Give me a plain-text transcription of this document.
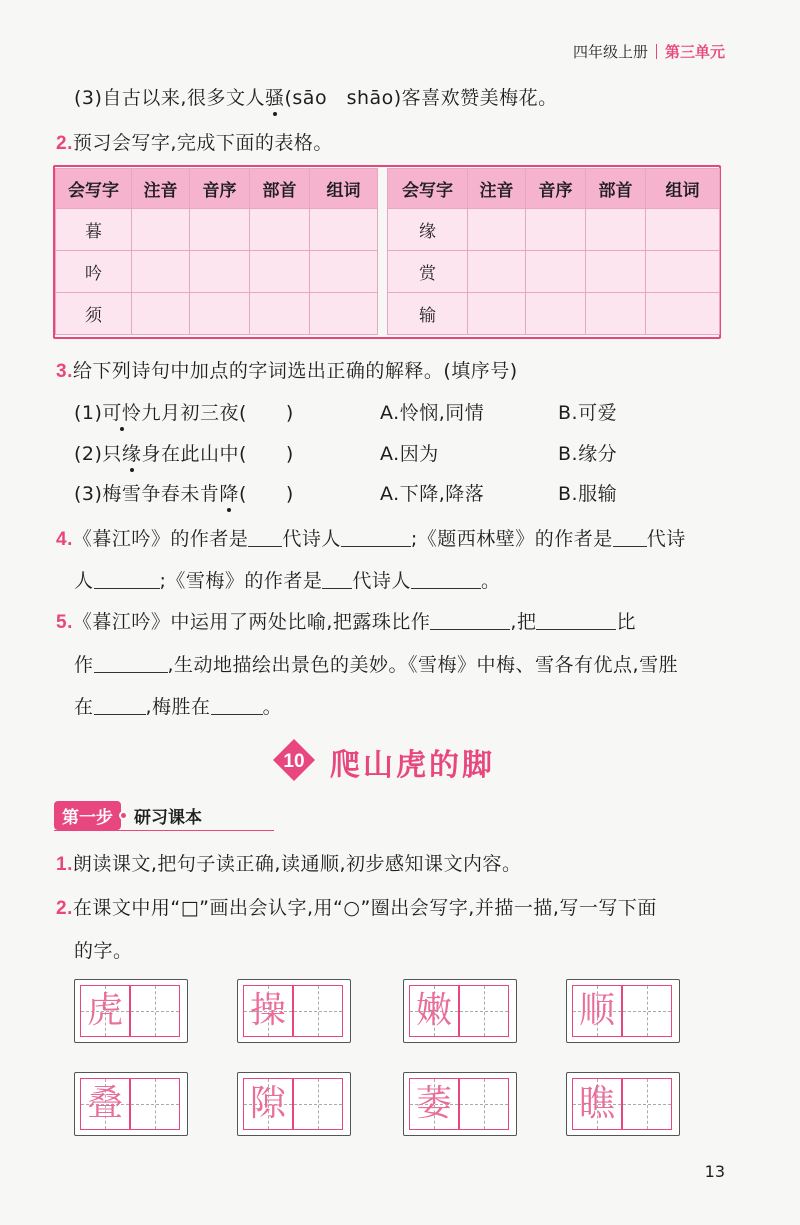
四年级上册 第三单元
(3)自古以来,很多文人骚(sāo　shāo)客喜欢赞美梅花。
2.预习会写字,完成下面的表格。
会写字	注音	音序	部首	组词
暮				
吟				
须				
会写字	注音	音序	部首	组词
缘				
赏				
输				
3.给下列诗句中加点的字词选出正确的解释。(填序号)
(1)可怜九月初三夜(　　)	A.怜悯,同情	B.可爱
(2)只缘身在此山中(　　)	A.因为	B.缘分
(3)梅雪争春未肯降(　　)	A.下降,降落	B.服输
4.《暮江吟》的作者是 代诗人	;《题西林壁》的作者是 代诗
人	;《雪梅》的作者是 代诗人	。
5.《暮江吟》中运用了两处比喻,把露珠比作	,把	比
作	,生动地描绘出景色的美妙。《雪梅》中梅、雪各有优点,雪胜
在	,梅胜在	。
10 爬山虎的脚
第一步	研习课本
1.朗读课文,把句子读正确,读通顺,初步感知课文内容。
2.在课文中用“□”画出会认字,用“○”圈出会写字,并描一描,写一写下面
的字。
虎	操	嫩	顺
叠	隙	萎	瞧
13
